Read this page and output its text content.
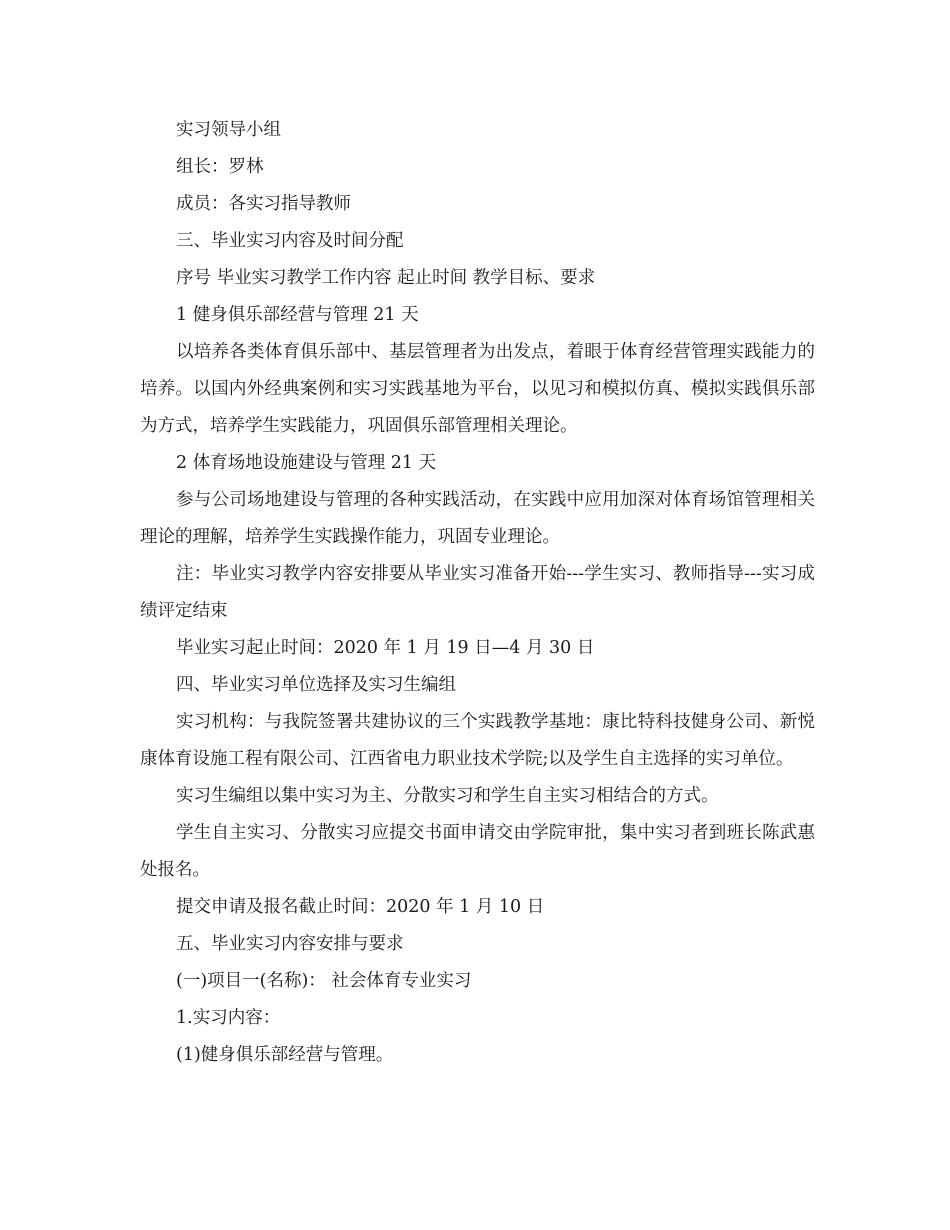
实习领导小组

组长：罗林

成员：各实习指导教师

三、毕业实习内容及时间分配

序号 毕业实习教学工作内容 起止时间 教学目标、要求

1 健身俱乐部经营与管理 21 天

以培养各类体育俱乐部中、基层管理者为出发点，着眼于体育经营管理实践能力的培养。以国内外经典案例和实习实践基地为平台，以见习和模拟仿真、模拟实践俱乐部为方式，培养学生实践能力，巩固俱乐部管理相关理论。

2 体育场地设施建设与管理 21 天

参与公司场地建设与管理的各种实践活动，在实践中应用加深对体育场馆管理相关理论的理解，培养学生实践操作能力，巩固专业理论。

注：毕业实习教学内容安排要从毕业实习准备开始---学生实习、教师指导---实习成绩评定结束

毕业实习起止时间：2020 年 1 月 19 日—4 月 30 日

四、毕业实习单位选择及实习生编组

实习机构：与我院签署共建协议的三个实践教学基地：康比特科技健身公司、新悦康体育设施工程有限公司、江西省电力职业技术学院;以及学生自主选择的实习单位。

实习生编组以集中实习为主、分散实习和学生自主实习相结合的方式。

学生自主实习、分散实习应提交书面申请交由学院审批，集中实习者到班长陈武惠处报名。

提交申请及报名截止时间：2020 年 1 月 10 日

五、毕业实习内容安排与要求

(一)项目一(名称)： 社会体育专业实习

1.实习内容：

(1)健身俱乐部经营与管理。
